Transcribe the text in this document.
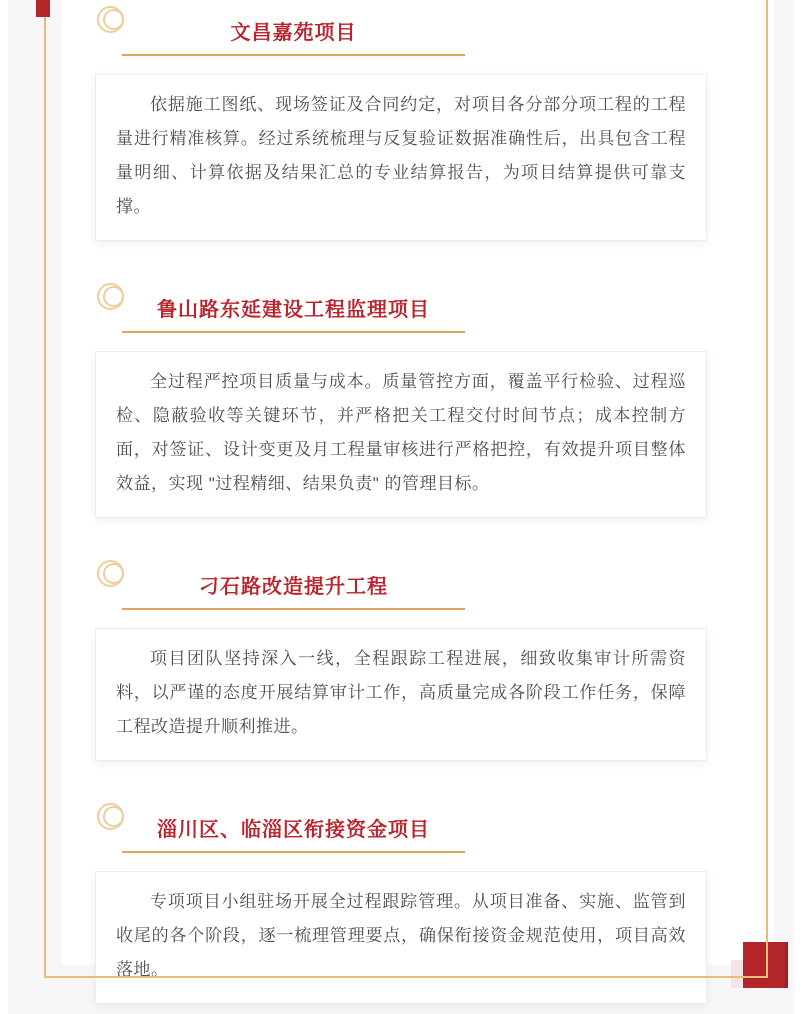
文昌嘉苑项目

依据施工图纸、现场签证及合同约定，对项目各分部分项工程的工程量进行精准核算。经过系统梳理与反复验证数据准确性后，出具包含工程量明细、计算依据及结果汇总的专业结算报告，为项目结算提供可靠支撑。

鲁山路东延建设工程监理项目

全过程严控项目质量与成本。质量管控方面，覆盖平行检验、过程巡检、隐蔽验收等关键环节，并严格把关工程交付时间节点；成本控制方面，对签证、设计变更及月工程量审核进行严格把控，有效提升项目整体效益，实现 "过程精细、结果负责" 的管理目标。

刁石路改造提升工程

项目团队坚持深入一线，全程跟踪工程进展，细致收集审计所需资料，以严谨的态度开展结算审计工作，高质量完成各阶段工作任务，保障工程改造提升顺利推进。

淄川区、临淄区衔接资金项目

专项项目小组驻场开展全过程跟踪管理。从项目准备、实施、监管到收尾的各个阶段，逐一梳理管理要点，确保衔接资金规范使用，项目高效落地。
